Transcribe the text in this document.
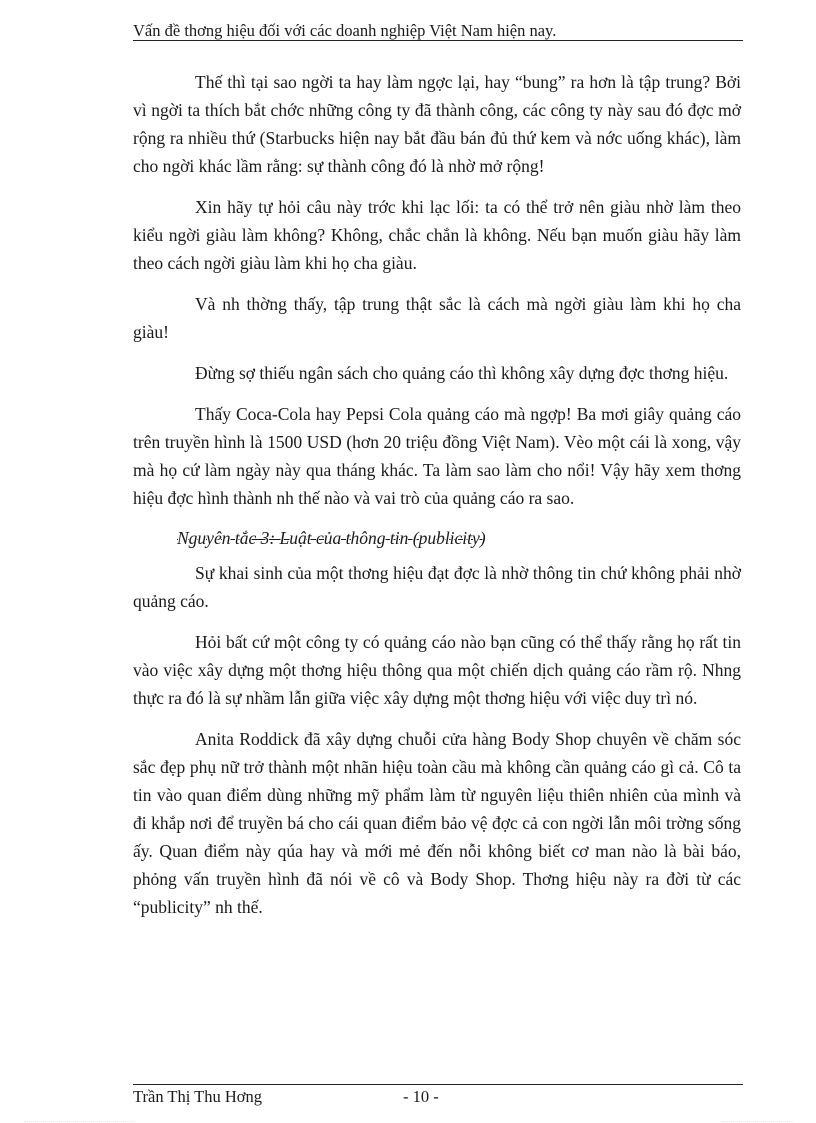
Vấn đề thơng hiệu đối với các doanh nghiệp Việt Nam hiện nay.

Thế thì tại sao ngời ta hay làm ngợc lại, hay “bung” ra hơn là tập trung? Bởi vì ngời ta thích bắt chớc những công ty đã thành công, các công ty này sau đó đợc mở rộng ra nhiều thứ (Starbucks hiện nay bắt đầu bán đủ thứ kem và nớc uống khác), làm cho ngời khác lầm rằng: sự thành công đó là nhờ mở rộng!

Xin hãy tự hỏi câu này trớc khi lạc lối: ta có thể trở nên giàu nhờ làm theo kiểu ngời giàu làm không? Không, chắc chắn là không. Nếu bạn muốn giàu hãy làm theo cách ngời giàu làm khi họ cha giàu.

Và nh thờng thấy, tập trung thật sắc là cách mà ngời giàu làm khi họ cha giàu!

Đừng sợ thiếu ngân sách cho quảng cáo thì không xây dựng đợc thơng hiệu.

Thấy Coca-Cola hay Pepsi Cola quảng cáo mà ngợp! Ba mơi giây quảng cáo trên truyền hình là 1500 USD (hơn 20 triệu đồng Việt Nam). Vèo một cái là xong, vậy mà họ cứ làm ngày này qua tháng khác. Ta làm sao làm cho nổi! Vậy hãy xem thơng hiệu đợc hình thành nh thế nào và vai trò của quảng cáo ra sao.

Nguyên tắc 3: Luật của thông tin (publicity)

Sự khai sinh của một thơng hiệu đạt đợc là nhờ thông tin chứ không phải nhờ quảng cáo.

Hỏi bất cứ một công ty có quảng cáo nào bạn cũng có thể thấy rằng họ rất tin vào việc xây dựng một thơng hiệu thông qua một chiến dịch quảng cáo rầm rộ. Nhng thực ra đó là sự nhầm lẫn giữa việc xây dựng một thơng hiệu với việc duy trì nó.

Anita Roddick đã xây dựng chuỗi cửa hàng Body Shop chuyên về chăm sóc sắc đẹp phụ nữ trở thành một nhãn hiệu toàn cầu mà không cần quảng cáo gì cả. Cô ta tin vào quan điểm dùng những mỹ phẩm làm từ nguyên liệu thiên nhiên của mình và đi khắp nơi để truyền bá cho cái quan điểm bảo vệ đợc cả con ngời lẫn môi trờng sống ấy. Quan điểm này qúa hay và mới mẻ đến nỗi không biết cơ man nào là bài báo, phỏng vấn truyền hình đã nói về cô và Body Shop. Thơng hiệu này ra đời từ các “publicity” nh thế.

Trần Thị Thu Hơng	- 10 -
